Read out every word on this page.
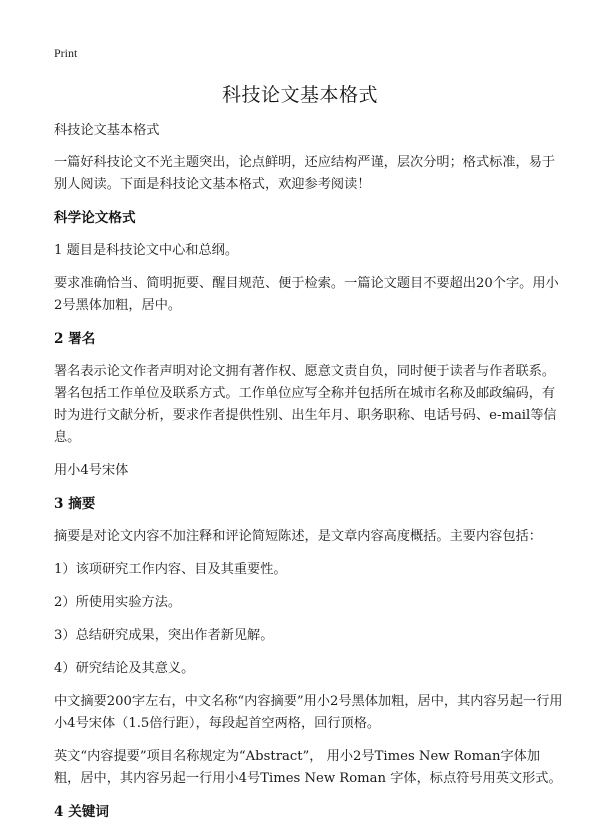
Print
科技论文基本格式

科技论文基本格式

一篇好科技论文不光主题突出，论点鲜明，还应结构严谨，层次分明；格式标准，易于别人阅读。下面是科技论文基本格式，欢迎参考阅读！

科学论文格式

1 题目是科技论文中心和总纲。

要求准确恰当、简明扼要、醒目规范、便于检索。一篇论文题目不要超出20个字。用小2号黑体加粗，居中。

2 署名

署名表示论文作者声明对论文拥有著作权、愿意文责自负，同时便于读者与作者联系。署名包括工作单位及联系方式。工作单位应写全称并包括所在城市名称及邮政编码，有时为进行文献分析，要求作者提供性别、出生年月、职务职称、电话号码、e-mail等信息。

用小4号宋体

3 摘要

摘要是对论文内容不加注释和评论简短陈述，是文章内容高度概括。主要内容包括：

1）该项研究工作内容、目及其重要性。

2）所使用实验方法。

3）总结研究成果，突出作者新见解。

4）研究结论及其意义。

中文摘要200字左右，中文名称“内容摘要”用小2号黑体加粗，居中，其内容另起一行用小4号宋体（1.5倍行距），每段起首空两格，回行顶格。

英文“内容提要”项目名称规定为“Abstract”， 用小2号Times New Roman字体加粗，居中，其内容另起一行用小4号Times New Roman 字体，标点符号用英文形式。

4 关键词
